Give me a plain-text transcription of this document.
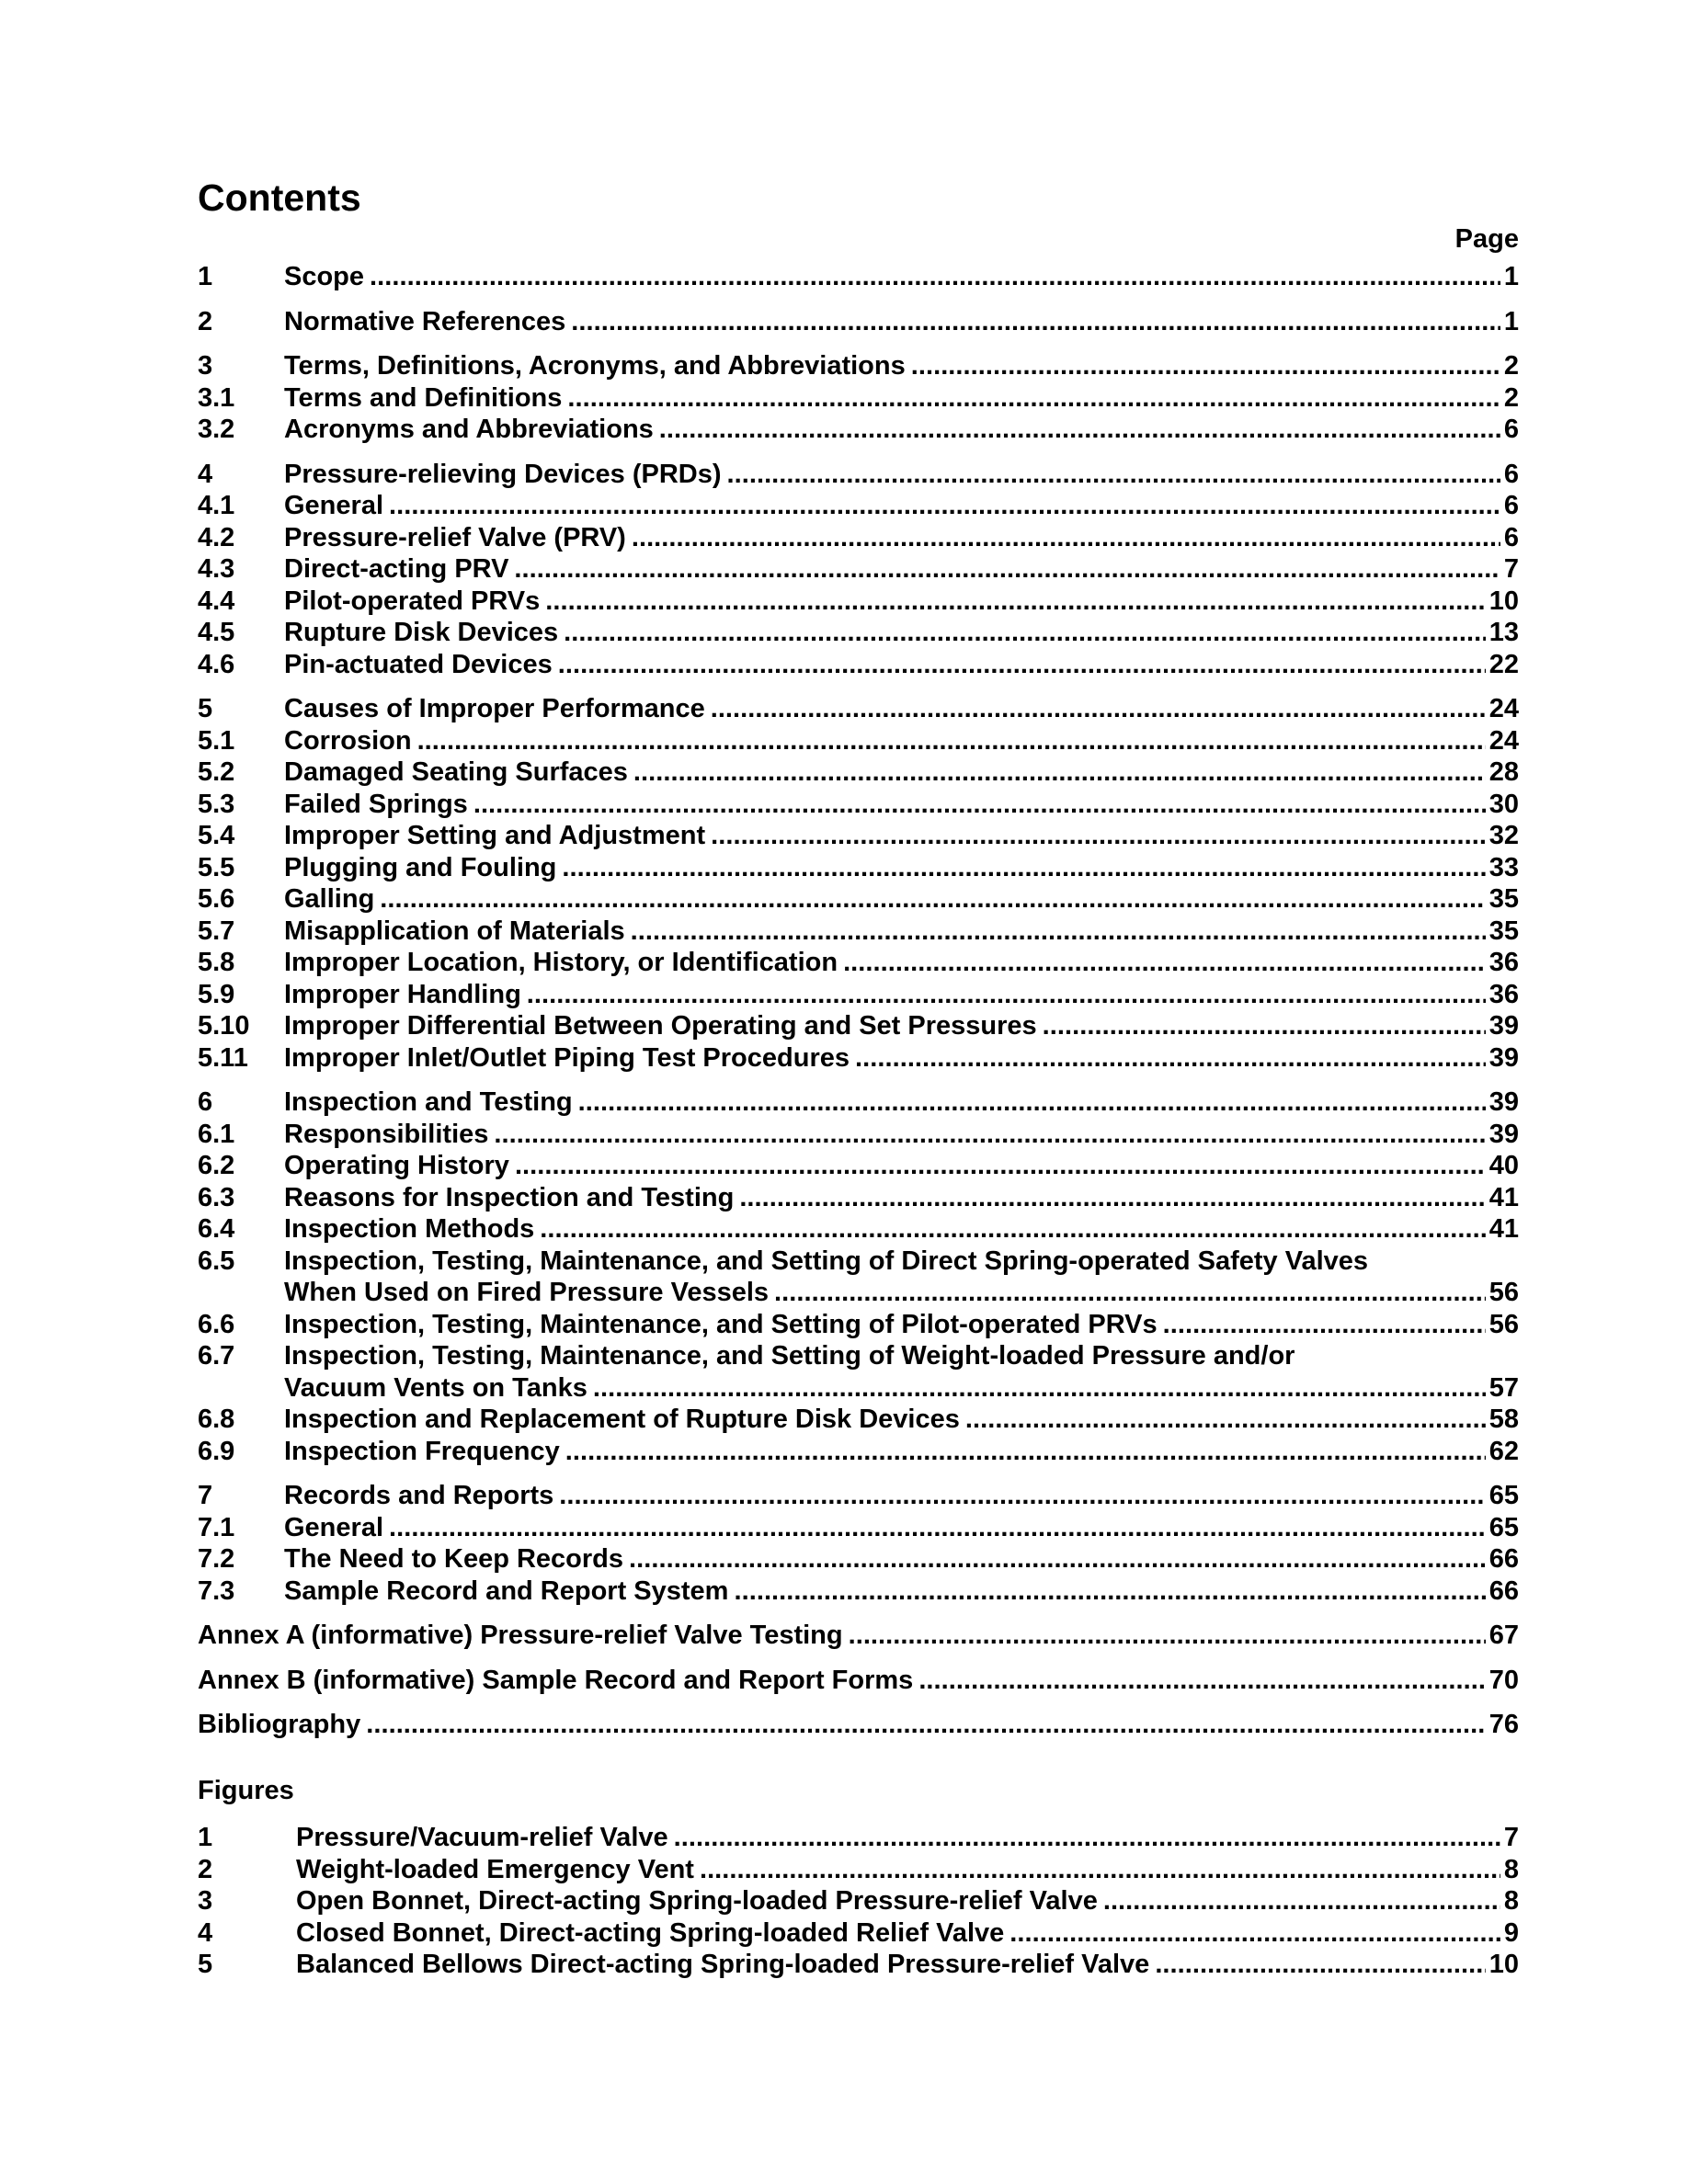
Contents
Page
1	Scope . . .	1
2	Normative References . . .	1
3	Terms, Definitions, Acronyms, and Abbreviations . . .	2
3.1 Terms and Definitions . . .	2
3.2 Acronyms and Abbreviations . . .	6
4	Pressure-relieving Devices (PRDs) . . .	6
4.1 General . . .	6
4.2 Pressure-relief Valve (PRV) . . .	6
4.3 Direct-acting PRV . . .	7
4.4 Pilot-operated PRVs . . .	10
4.5 Rupture Disk Devices . . .	13
4.6 Pin-actuated Devices . . .	22
5	Causes of Improper Performance . . .	24
5.1 Corrosion . . .	24
5.2 Damaged Seating Surfaces . . .	28
5.3 Failed Springs . . .	30
5.4 Improper Setting and Adjustment . . .	32
5.5 Plugging and Fouling . . .	33
5.6 Galling . . .	35
5.7 Misapplication of Materials . . .	35
5.8 Improper Location, History, or Identification . . .	36
5.9 Improper Handling . . .	36
5.10 Improper Differential Between Operating and Set Pressures . . .	39
5.11 Improper Inlet/Outlet Piping Test Procedures . . .	39
6	Inspection and Testing . . .	39
6.1 Responsibilities . . .	39
6.2 Operating History . . .	40
6.3 Reasons for Inspection and Testing . . .	41
6.4 Inspection Methods . . .	41
6.5 Inspection, Testing, Maintenance, and Setting of Direct Spring-operated Safety Valves
When Used on Fired Pressure Vessels . . .	56
6.6 Inspection, Testing, Maintenance, and Setting of Pilot-operated PRVs . . .	56
6.7 Inspection, Testing, Maintenance, and Setting of Weight-loaded Pressure and/or
Vacuum Vents on Tanks . . .	57
6.8 Inspection and Replacement of Rupture Disk Devices . . .	58
6.9 Inspection Frequency . . .	62
7	Records and Reports . . .	65
7.1 General . . .	65
7.2 The Need to Keep Records . . .	66
7.3 Sample Record and Report System . . .	66
Annex A (informative) Pressure-relief Valve Testing . . .	67
Annex B (informative) Sample Record and Report Forms . . .	70
Bibliography . . .	76
Figures
1	Pressure/Vacuum-relief Valve . . .	7
2	Weight-loaded Emergency Vent . . .	8
3	Open Bonnet, Direct-acting Spring-loaded Pressure-relief Valve . . .	8
4	Closed Bonnet, Direct-acting Spring-loaded Relief Valve . . .	9
5	Balanced Bellows Direct-acting Spring-loaded Pressure-relief Valve . . .	10
